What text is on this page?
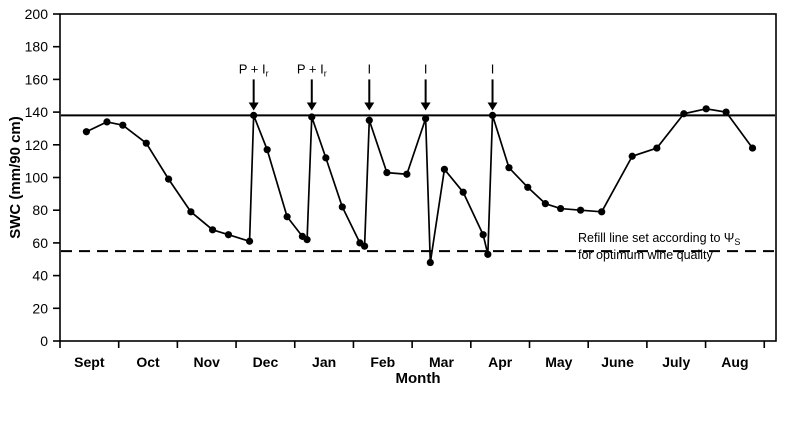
0
20
40
60
80
100
120
140
160
180
200
Sept Oct Nov Dec Jan Feb Mar Apr May June July Aug
Month
SWC (mm/90 cm)
$P + I_r$ $P + I_r$	I	I	I
Refill line set according to $\Psi_S$
for optimum wine quality
